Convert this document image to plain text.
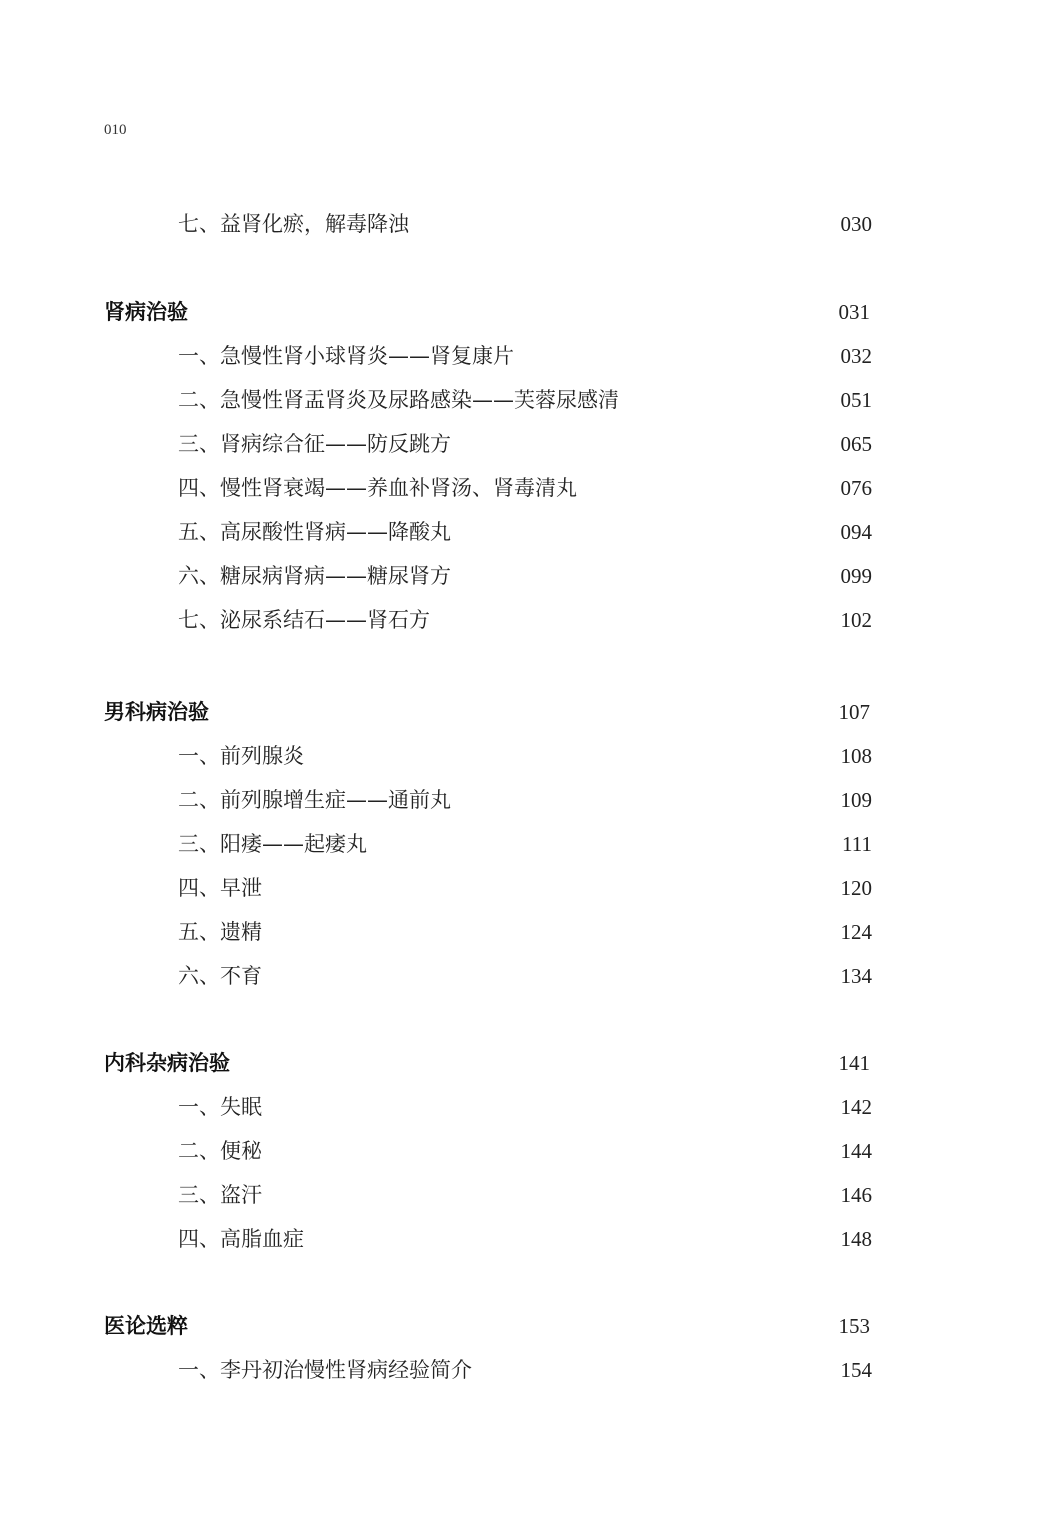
010
七、益肾化瘀，解毒降浊	030
肾病治验	031
一、急慢性肾小球肾炎——肾复康片	032
二、急慢性肾盂肾炎及尿路感染——芙蓉尿感清	051
三、肾病综合征——防反跳方	065
四、慢性肾衰竭——养血补肾汤、肾毒清丸	076
五、高尿酸性肾病——降酸丸	094
六、糖尿病肾病——糖尿肾方	099
七、泌尿系结石——肾石方	102
男科病治验	107
一、前列腺炎	108
二、前列腺增生症——通前丸	109
三、阳痿——起痿丸	111
四、早泄	120
五、遗精	124
六、不育	134
内科杂病治验	141
一、失眠	142
二、便秘	144
三、盗汗	146
四、高脂血症	148
医论选粹	153
一、李丹初治慢性肾病经验简介	154
